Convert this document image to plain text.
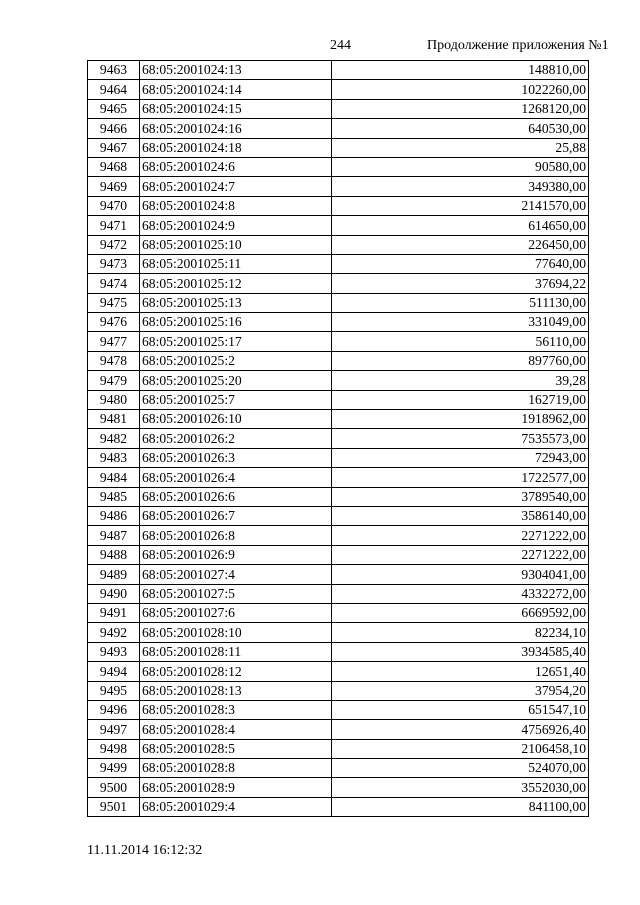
244	Продолжение приложения №1
9463	68:05:2001024:13	148810,00
9464	68:05:2001024:14	1022260,00
9465	68:05:2001024:15	1268120,00
9466	68:05:2001024:16	640530,00
9467	68:05:2001024:18	25,88
9468	68:05:2001024:6	90580,00
9469	68:05:2001024:7	349380,00
9470	68:05:2001024:8	2141570,00
9471	68:05:2001024:9	614650,00
9472	68:05:2001025:10	226450,00
9473	68:05:2001025:11	77640,00
9474	68:05:2001025:12	37694,22
9475	68:05:2001025:13	511130,00
9476	68:05:2001025:16	331049,00
9477	68:05:2001025:17	56110,00
9478	68:05:2001025:2	897760,00
9479	68:05:2001025:20	39,28
9480	68:05:2001025:7	162719,00
9481	68:05:2001026:10	1918962,00
9482	68:05:2001026:2	7535573,00
9483	68:05:2001026:3	72943,00
9484	68:05:2001026:4	1722577,00
9485	68:05:2001026:6	3789540,00
9486	68:05:2001026:7	3586140,00
9487	68:05:2001026:8	2271222,00
9488	68:05:2001026:9	2271222,00
9489	68:05:2001027:4	9304041,00
9490	68:05:2001027:5	4332272,00
9491	68:05:2001027:6	6669592,00
9492	68:05:2001028:10	82234,10
9493	68:05:2001028:11	3934585,40
9494	68:05:2001028:12	12651,40
9495	68:05:2001028:13	37954,20
9496	68:05:2001028:3	651547,10
9497	68:05:2001028:4	4756926,40
9498	68:05:2001028:5	2106458,10
9499	68:05:2001028:8	524070,00
9500	68:05:2001028:9	3552030,00
9501	68:05:2001029:4	841100,00
11.11.2014 16:12:32
